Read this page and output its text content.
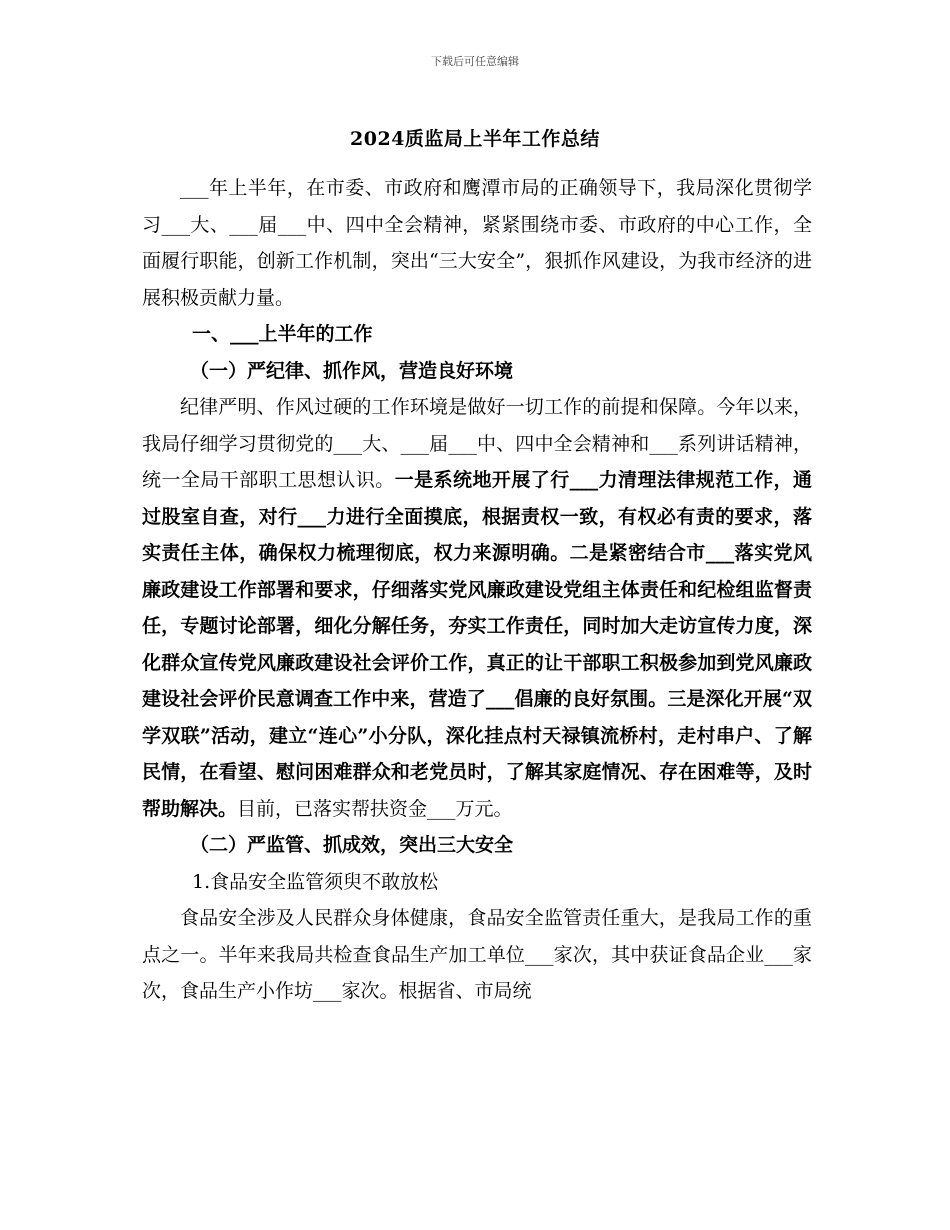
下载后可任意编辑
2024质监局上半年工作总结

___年上半年，在市委、市政府和鹰潭市局的正确领导下，我局深化贯彻学习___大、___届___中、四中全会精神，紧紧围绕市委、市政府的中心工作，全面履行职能，创新工作机制，突出“三大安全”，狠抓作风建设，为我市经济的进展积极贡献力量。

一、___上半年的工作

（一）严纪律、抓作风，营造良好环境

纪律严明、作风过硬的工作环境是做好一切工作的前提和保障。今年以来，我局仔细学习贯彻党的___大、___届___中、四中全会精神和___系列讲话精神，统一全局干部职工思想认识。一是系统地开展了行___力清理法律规范工作，通过股室自查，对行___力进行全面摸底，根据责权一致，有权必有责的要求，落实责任主体，确保权力梳理彻底，权力来源明确。二是紧密结合市___落实党风廉政建设工作部署和要求，仔细落实党风廉政建设党组主体责任和纪检组监督责任，专题讨论部署，细化分解任务，夯实工作责任，同时加大走访宣传力度，深化群众宣传党风廉政建设社会评价工作，真正的让干部职工积极参加到党风廉政建设社会评价民意调查工作中来，营造了___倡廉的良好氛围。三是深化开展“双学双联”活动，建立“连心”小分队，深化挂点村天禄镇流桥村，走村串户、了解民情，在看望、慰问困难群众和老党员时，了解其家庭情况、存在困难等，及时帮助解决。目前，已落实帮扶资金___万元。

（二）严监管、抓成效，突出三大安全

1.食品安全监管须臾不敢放松

食品安全涉及人民群众身体健康，食品安全监管责任重大，是我局工作的重点之一。半年来我局共检查食品生产加工单位___家次，其中获证食品企业___家次，食品生产小作坊___家次。根据省、市局统
